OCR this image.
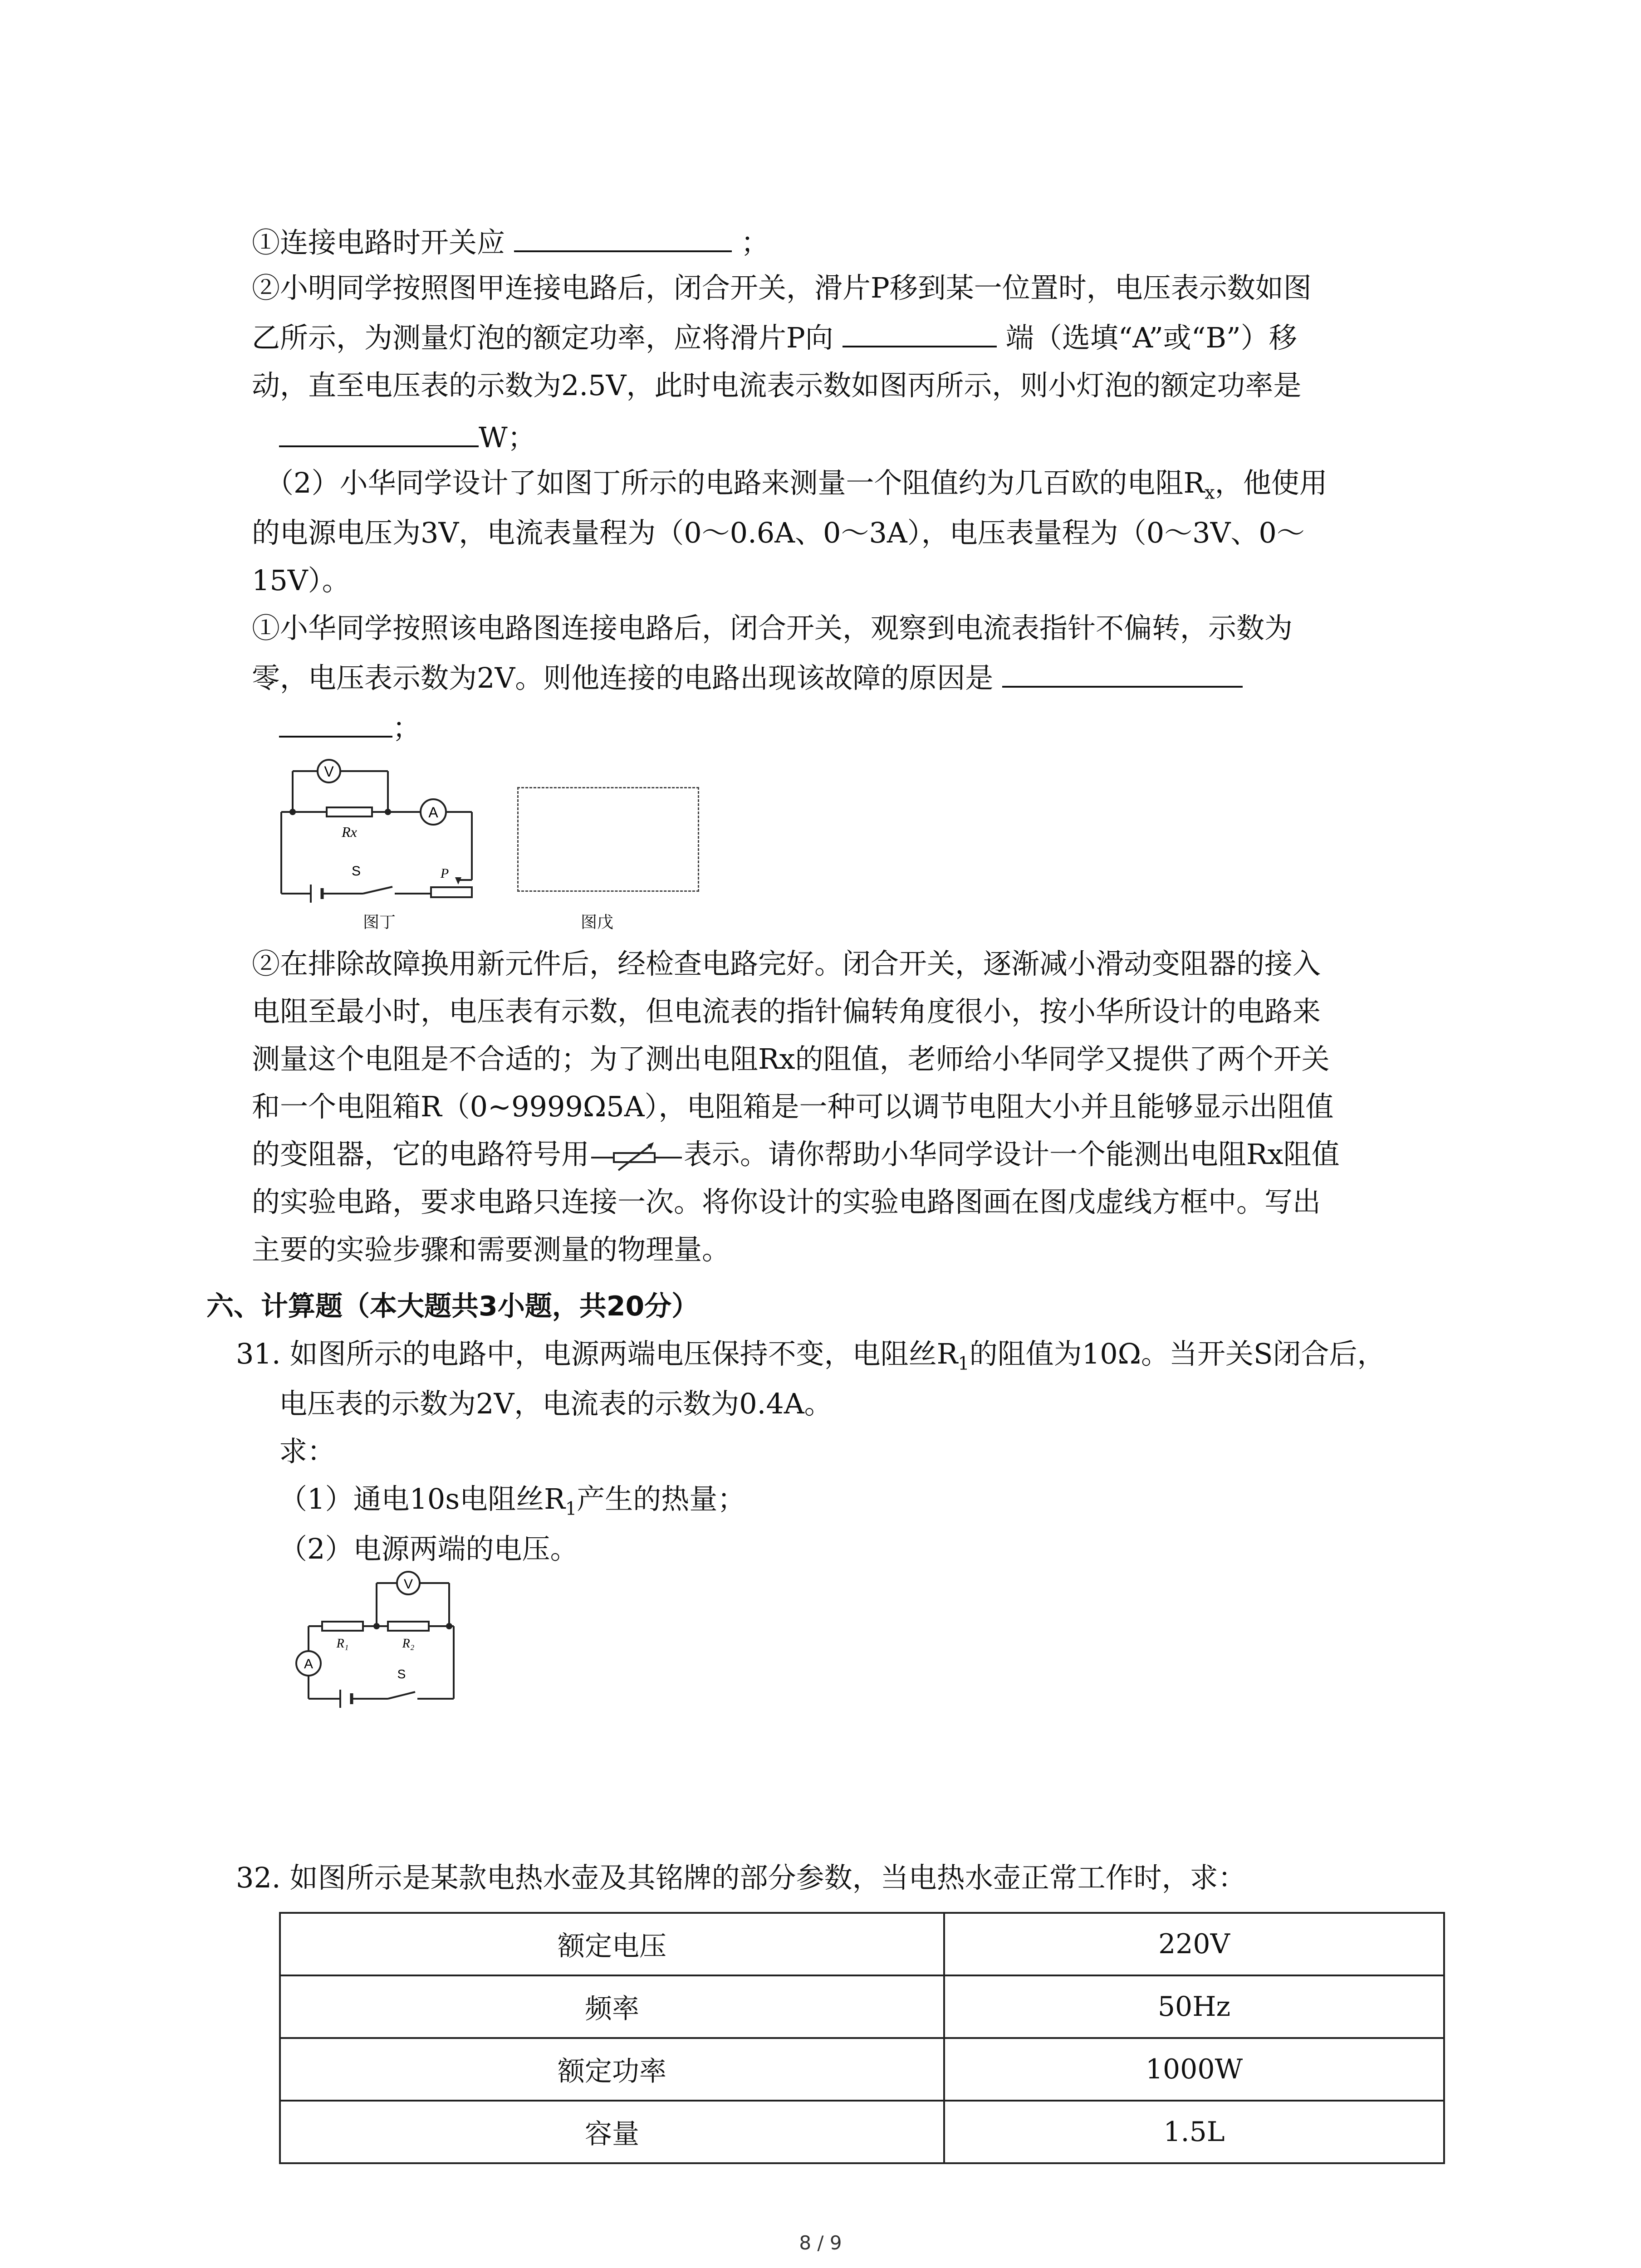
①连接电路时开关应	；
②小明同学按照图甲连接电路后，闭合开关，滑片P移到某一位置时，电压表示数如图
乙所示，为测量灯泡的额定功率，应将滑片P向	端（选填“A”或“B”）移
动，直至电压表的示数为2.5V，此时电流表示数如图丙所示，则小灯泡的额定功率是
W；
（2）小华同学设计了如图丁所示的电路来测量一个阻值约为几百欧的电阻$R_x$，他使用
的电源电压为3V，电流表量程为（0～0.6A、0～3A），电压表量程为（0～3V、0～
15V）。
①小华同学按照该电路图连接电路后，闭合开关，观察到电流表指针不偏转，示数为
零，电压表示数为2V。则他连接的电路出现该故障的原因是
；
V
A
Rx
S	P
图丁	图戊
②在排除故障换用新元件后，经检查电路完好。闭合开关，逐渐减小滑动变阻器的接入
电阻至最小时，电压表有示数，但电流表的指针偏转角度很小，按小华所设计的电路来
测量这个电阻是不合适的；为了测出电阻Rx的阻值，老师给小华同学又提供了两个开关
和一个电阻箱R（0~9999Ω5A），电阻箱是一种可以调节电阻大小并且能够显示出阻值
的变阻器，它的电路符号用	表示。请你帮助小华同学设计一个能测出电阻Rx阻值
的实验电路，要求电路只连接一次。将你设计的实验电路图画在图戊虚线方框中。写出
主要的实验步骤和需要测量的物理量。
六、计算题（本大题共3小题，共20分）
31. 如图所示的电路中，电源两端电压保持不变，电阻丝$R_1$的阻值为10Ω。当开关S闭合后，
电压表的示数为2V，电流表的示数为0.4A。
求：
（1）通电10s电阻丝$R_1$产生的热量；
（2）电源两端的电压。
V
A
R₁	R₂
S
32. 如图所示是某款电热水壶及其铭牌的部分参数，当电热水壶正常工作时，求：
额定电压	220V
频率	50Hz
额定功率	1000W
容量	1.5L
8 / 9
